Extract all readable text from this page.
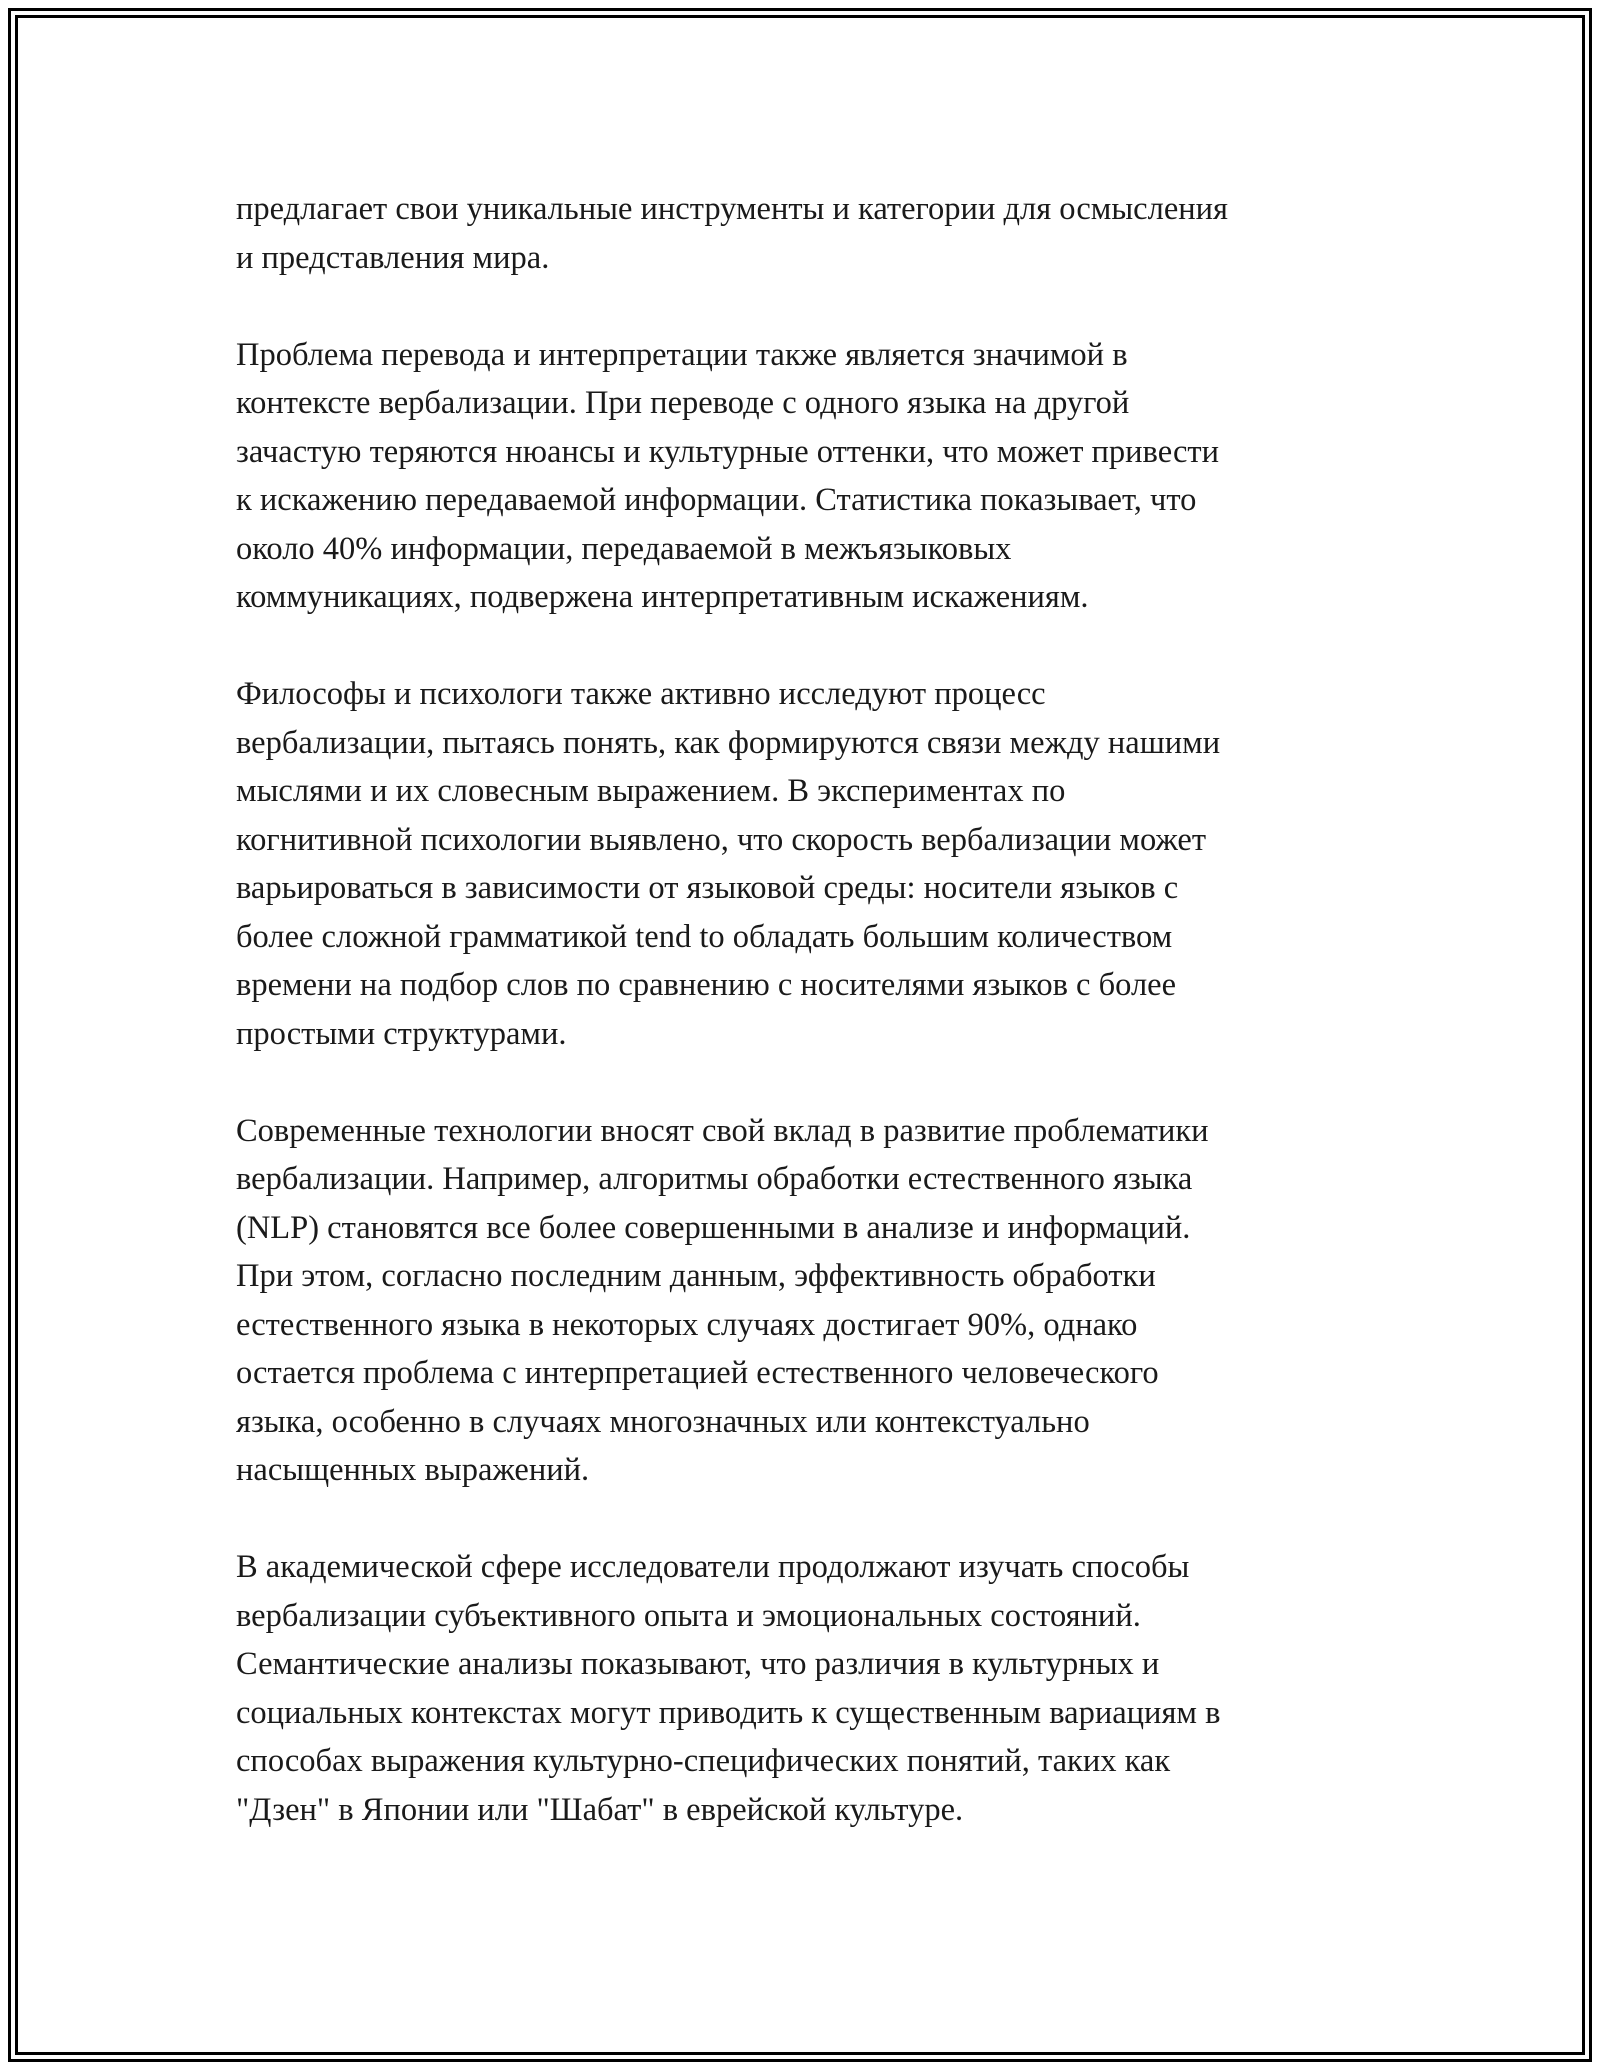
предлагает свои уникальные инструменты и категории для осмысления
и представления мира.
Проблема перевода и интерпретации также является значимой в
контексте вербализации. При переводе с одного языка на другой
зачастую теряются нюансы и культурные оттенки, что может привести
к искажению передаваемой информации. Статистика показывает, что
около 40% информации, передаваемой в межъязыковых
коммуникациях, подвержена интерпретативным искажениям.
Философы и психологи также активно исследуют процесс
вербализации, пытаясь понять, как формируются связи между нашими
мыслями и их словесным выражением. В экспериментах по
когнитивной психологии выявлено, что скорость вербализации может
варьироваться в зависимости от языковой среды: носители языков с
более сложной грамматикой tend to обладать большим количеством
времени на подбор слов по сравнению с носителями языков с более
простыми структурами.
Современные технологии вносят свой вклад в развитие проблематики
вербализации. Например, алгоритмы обработки естественного языка
(NLP) становятся все более совершенными в анализе и информаций.
При этом, согласно последним данным, эффективность обработки
естественного языка в некоторых случаях достигает 90%, однако
остается проблема с интерпретацией естественного человеческого
языка, особенно в случаях многозначных или контекстуально
насыщенных выражений.
В академической сфере исследователи продолжают изучать способы
вербализации субъективного опыта и эмоциональных состояний.
Семантические анализы показывают, что различия в культурных и
социальных контекстах могут приводить к существенным вариациям в
способах выражения культурно-специфических понятий, таких как
"Дзен" в Японии или "Шабат" в еврейской культуре.
